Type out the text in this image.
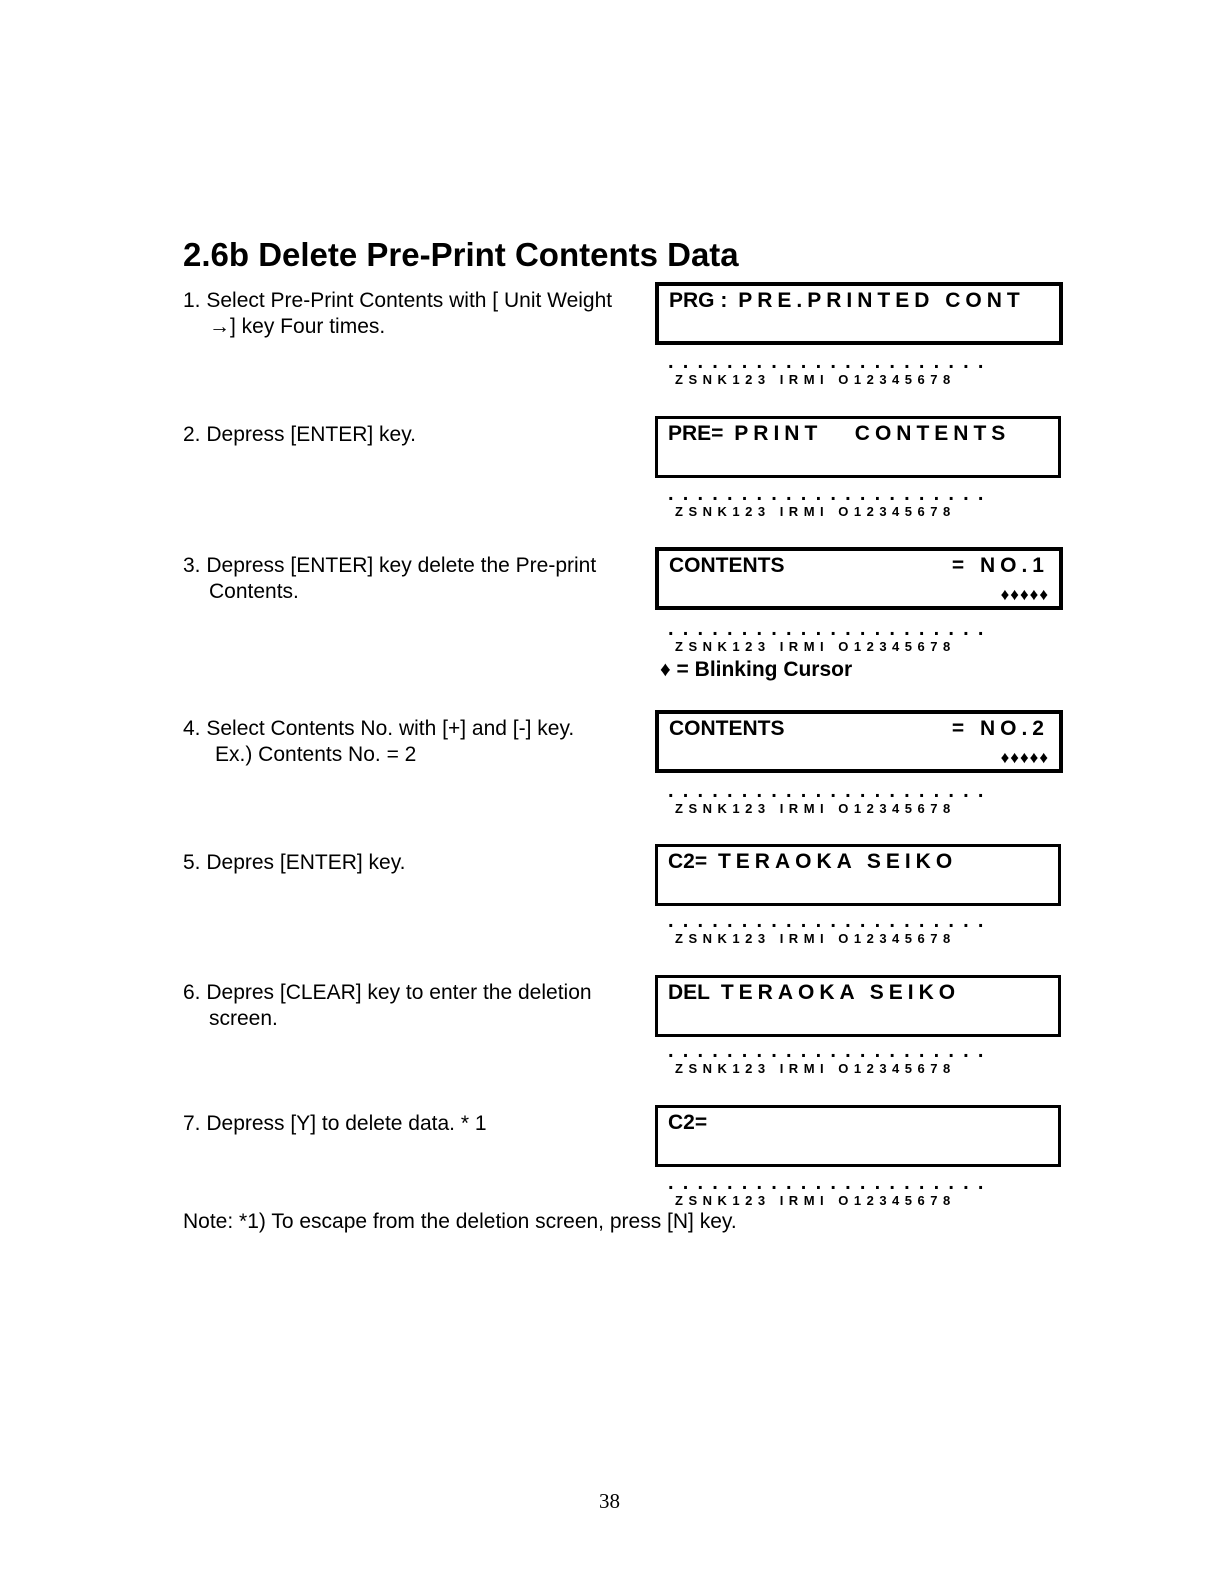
2.6b Delete Pre-Print Contents Data
1. Select Pre-Print Contents with [ Unit Weight
→] key Four times.
PRG : PRE.PRINTED CONT
......................
ZSNK123 IRMI O12345678
2. Depress [ENTER] key.	PRE= PRINT   CONTENTS
......................
ZSNK123 IRMI O12345678
3. Depress [ENTER] key delete the Pre-print
Contents.
CONTENTS	= NO.1
♦♦♦♦♦
......................
ZSNK123 IRMI O12345678
♦ = Blinking Cursor
4. Select Contents No. with [+] and [-] key.
Ex.) Contents No. = 2
CONTENTS	= NO.2
♦♦♦♦♦
......................
ZSNK123 IRMI O12345678
5. Depres [ENTER] key.	C2= TERAOKA SEIKO
......................
ZSNK123 IRMI O12345678
6. Depres [CLEAR] key to enter the deletion
screen.
DEL TERAOKA SEIKO
......................
ZSNK123 IRMI O12345678
7. Depress [Y] to delete data. * 1	C2=
......................
ZSNK123 IRMI O12345678
Note: *1) To escape from the deletion screen, press [N] key.
38
